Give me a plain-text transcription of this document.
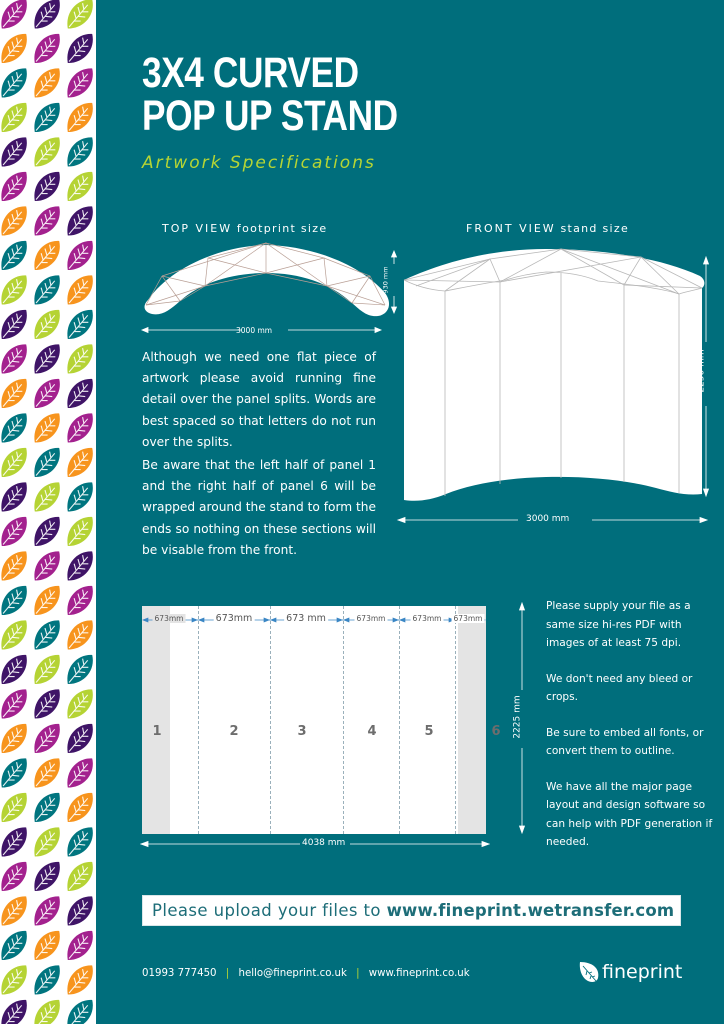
3X4 CURVED
POP UP STAND
Artwork Specifications
TOP VIEW footprint size
3000 mm
930 mm
FRONT VIEW stand size
3000 mm
2250 mm
Although we need one flat piece of artwork please avoid running fine detail over the panel splits. Words are best spaced so that letters do not run over the splits.
Be aware that the left half of panel 1 and the right half of panel 6 will be wrapped around the stand to form the ends so nothing on these sections will be visable from the front.
673mm	673mm	673 mm	673mm	673mm 673mm
1	2	3	4	5	6
4038 mm
2225 mm

Please supply your file as a same size hi-res PDF with images of at least 75 dpi.

We don't need any bleed or crops.

Be sure to embed all fonts, or convert them to outline.

We have all the major page layout and design software so can help with PDF generation if needed.

Please upload your files to www.fineprint.wetransfer.com
01993 777450 | hello@fineprint.co.uk | www.fineprint.co.uk	fineprint
